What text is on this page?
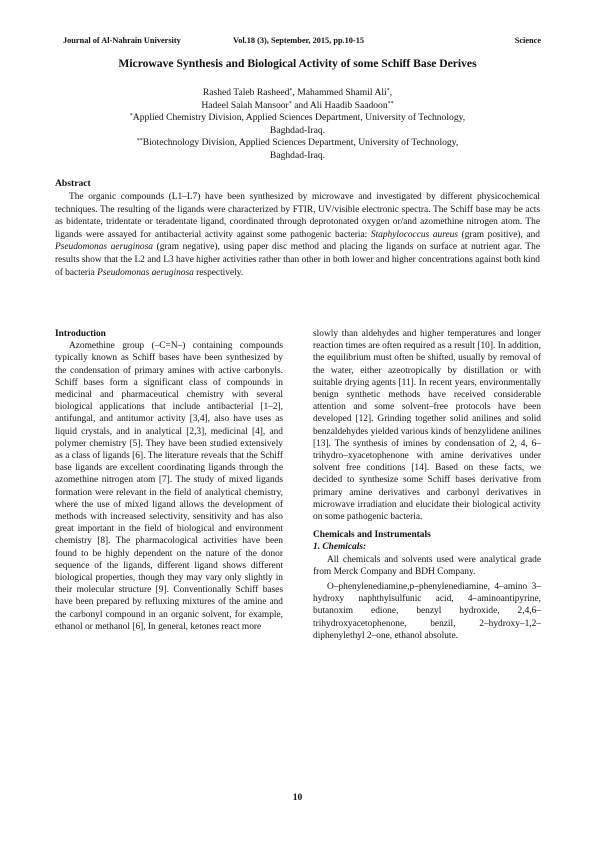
Journal of Al-Nahrain University	Vol.18 (3), September, 2015, pp.10-15	Science
Microwave Synthesis and Biological Activity of some Schiff Base Derives
Rashed Taleb Rasheed*, Mahammed Shamil Ali*,
Hadeel Salah Mansoor* and Ali Haadib Saadoon**
*Applied Chemistry Division, Applied Sciences Department, University of Technology,
Baghdad-Iraq.
**Biotechnology Division, Applied Sciences Department, University of Technology,
Baghdad-Iraq.
Abstract

The organic compounds (L1–L7) have been synthesized by microwave and investigated by different physicochemical techniques. The resulting of the ligands were characterized by FTIR, UV/visible electronic spectra. The Schiff base may be acts as bidentate, tridentate or teradentate ligand, coordinated through deprotonated oxygen or/and azomethine nitrogen atom. The ligands were assayed for antibacterial activity against some pathogenic bacteria: Staphylococcus aureus (gram positive), and Pseudomonas aeruginosa (gram negative), using paper disc method and placing the ligands on surface at nutrient agar. The results show that the L2 and L3 have higher activities rather than other in both lower and higher concentrations against both kind of bacteria Pseudomonas aeruginosa respectively.

Introduction

Azomethine group (–C=N–) containing compounds typically known as Schiff bases have been synthesized by the condensation of primary amines with active carbonyls. Schiff bases form a significant class of compounds in medicinal and pharmaceutical chemistry with several biological applications that include antibacterial [1–2], antifungal, and antitumor activity [3,4], also have uses as liquid crystals, and in analytical [2,3], medicinal [4], and polymer chemistry [5]. They have been studied extensively as a class of ligands [6]. The literature reveals that the Schiff base ligands are excellent coordinating ligands through the azomethine nitrogen atom [7]. The study of mixed ligands formation were relevant in the field of analytical chemistry, where the use of mixed ligand allows the development of methods with increased selectivity, sensitivity and has also great important in the field of biological and environment chemistry [8]. The pharmacological activities have been found to be highly dependent on the nature of the donor sequence of the ligands, different ligand shows different biological properties, though they may vary only slightly in their molecular structure [9]. Conventionally Schiff bases have been prepared by refluxing mixtures of the amine and the carbonyl compound in an organic solvent, for example, ethanol or methanol [6], In general, ketones react more

slowly than aldehydes and higher temperatures and longer reaction times are often required as a result [10]. In addition, the equilibrium must often be shifted, usually by removal of the water, either azeotropically by distillation or with suitable drying agents [11]. In recent years, environmentally benign synthetic methods have received considerable attention and some solvent–free protocols have been developed [12]. Grinding together solid anilines and solid benzaldehydes yielded various kinds of benzylidene anilines [13]. The synthesis of imines by condensation of 2, 4, 6–trihydro–xyacetophenone with amine derivatives under solvent free conditions [14]. Based on these facts, we decided to synthesize some Schiff bases derivative from primary amine derivatives and carbonyl derivatives in microwave irradiation and elucidate their biological activity on some pathogenic bacteria.

Chemicals and Instrumentals

1. Chemicals:

All chemicals and solvents used were analytical grade from Merck Company and BDH Company.

O–phenylenediamine,p–phenylenediamine, 4–amino 3–hydroxy naphthylsulfunic acid, 4–aminoantipyrine, butanoxim edione, benzyl hydroxide, 2,4,6–trihydroxyacetophenone, benzil, 2–hydroxy–1,2–diphenylethyl 2–one, ethanol absolute.

10
